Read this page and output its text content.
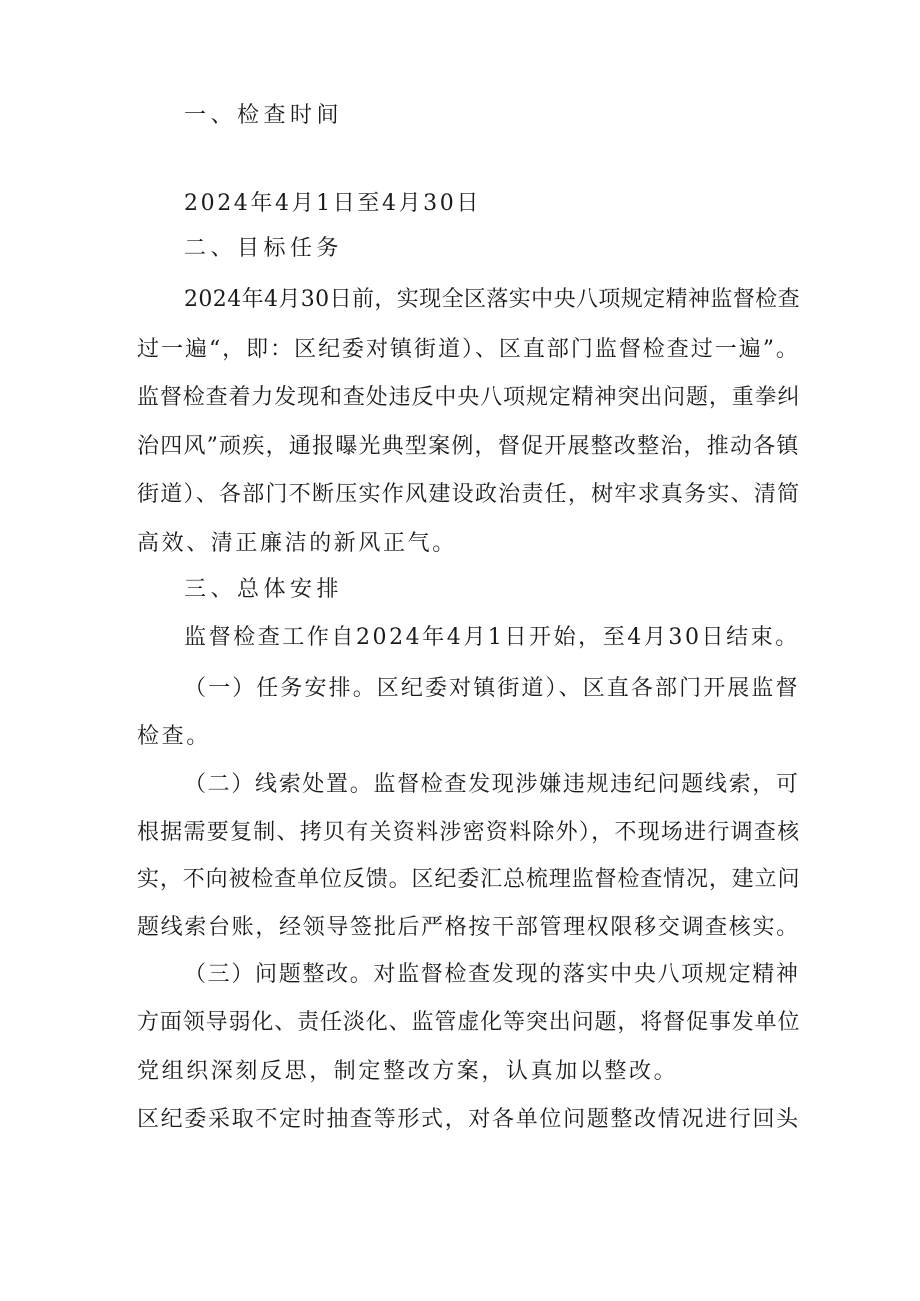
一、检查时间
2024年4月1日至4月30日
二、目标任务
2024年4月30日前，实现全区落实中央八项规定精神监督检查
过一遍“，即：区纪委对镇街道）、区直部门监督检查过一遍”。
监督检查着力发现和查处违反中央八项规定精神突出问题，重拳纠
治四风”顽疾，通报曝光典型案例，督促开展整改整治，推动各镇
街道）、各部门不断压实作风建设政治责任，树牢求真务实、清简
高效、清正廉洁的新风正气。
三、总体安排
监督检查工作自2024年4月1日开始，至4月30日结束。
（一）任务安排。区纪委对镇街道）、区直各部门开展监督
检查。
（二）线索处置。监督检查发现涉嫌违规违纪问题线索，可
根据需要复制、拷贝有关资料涉密资料除外），不现场进行调查核
实，不向被检查单位反馈。区纪委汇总梳理监督检查情况，建立问
题线索台账，经领导签批后严格按干部管理权限移交调查核实。
（三）问题整改。对监督检查发现的落实中央八项规定精神
方面领导弱化、责任淡化、监管虚化等突出问题，将督促事发单位
党组织深刻反思，制定整改方案，认真加以整改。
区纪委采取不定时抽查等形式，对各单位问题整改情况进行回头
